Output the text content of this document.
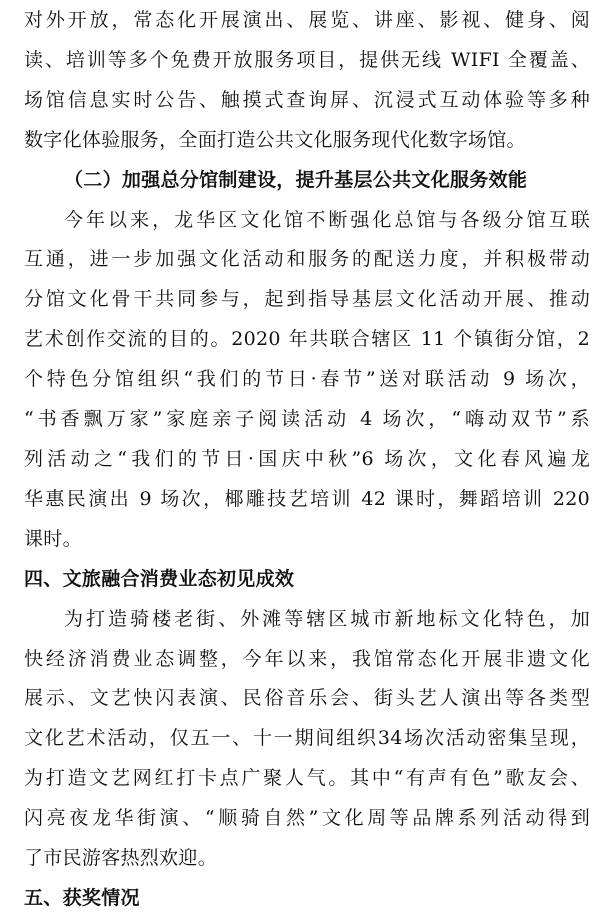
对外开放，常态化开展演出、展览、讲座、影视、健身、阅
读、培训等多个免费开放服务项目，提供无线 WIFI 全覆盖、
场馆信息实时公告、触摸式查询屏、沉浸式互动体验等多种
数字化体验服务，全面打造公共文化服务现代化数字场馆。
（二）加强总分馆制建设，提升基层公共文化服务效能
今年以来，龙华区文化馆不断强化总馆与各级分馆互联
互通，进一步加强文化活动和服务的配送力度，并积极带动
分馆文化骨干共同参与，起到指导基层文化活动开展、推动
艺术创作交流的目的。2020 年共联合辖区 11 个镇街分馆，2
个特色分馆组织“我们的节日·春节”送对联活动 9 场次，
“书香飘万家”家庭亲子阅读活动 4 场次，“嗨动双节”系
列活动之“我们的节日·国庆中秋”6 场次，文化春风遍龙
华惠民演出 9 场次，椰雕技艺培训 42 课时，舞蹈培训 220
课时。
四、文旅融合消费业态初见成效
为打造骑楼老街、外滩等辖区城市新地标文化特色，加
快经济消费业态调整，今年以来，我馆常态化开展非遗文化
展示、文艺快闪表演、民俗音乐会、街头艺人演出等各类型
文化艺术活动，仅五一、十一期间组织34场次活动密集呈现，
为打造文艺网红打卡点广聚人气。其中“有声有色”歌友会、
闪亮夜龙华街演、“顺骑自然”文化周等品牌系列活动得到
了市民游客热烈欢迎。
五、获奖情况
